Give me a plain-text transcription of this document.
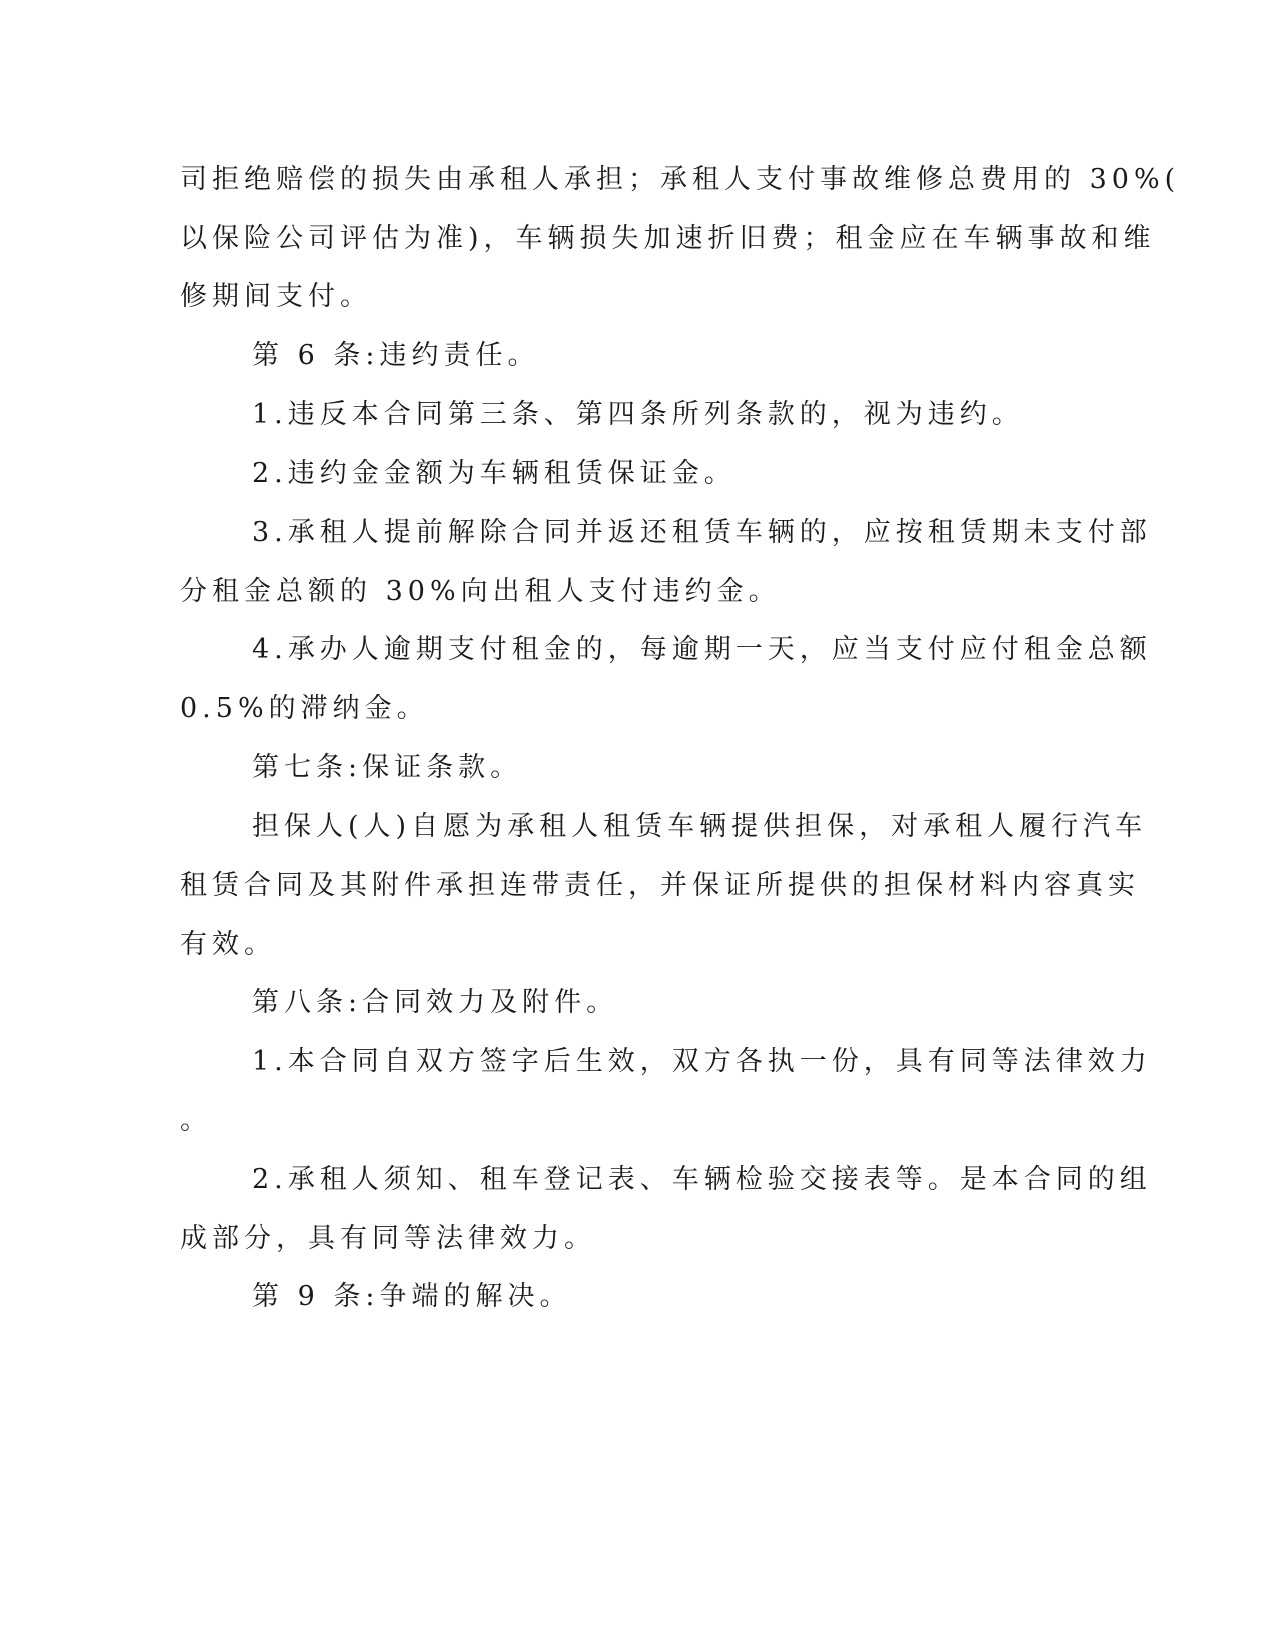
司拒绝赔偿的损失由承租人承担；承租人支付事故维修总费用的 30%(
以保险公司评估为准)，车辆损失加速折旧费；租金应在车辆事故和维
修期间支付。
第 6 条:违约责任。
1.违反本合同第三条、第四条所列条款的，视为违约。
2.违约金金额为车辆租赁保证金。
3.承租人提前解除合同并返还租赁车辆的，应按租赁期未支付部
分租金总额的 30%向出租人支付违约金。
4.承办人逾期支付租金的，每逾期一天，应当支付应付租金总额
0.5%的滞纳金。
第七条:保证条款。
担保人(人)自愿为承租人租赁车辆提供担保，对承租人履行汽车
租赁合同及其附件承担连带责任，并保证所提供的担保材料内容真实
有效。
第八条:合同效力及附件。
1.本合同自双方签字后生效，双方各执一份，具有同等法律效力
。
2.承租人须知、租车登记表、车辆检验交接表等。是本合同的组
成部分，具有同等法律效力。
第 9 条:争端的解决。
